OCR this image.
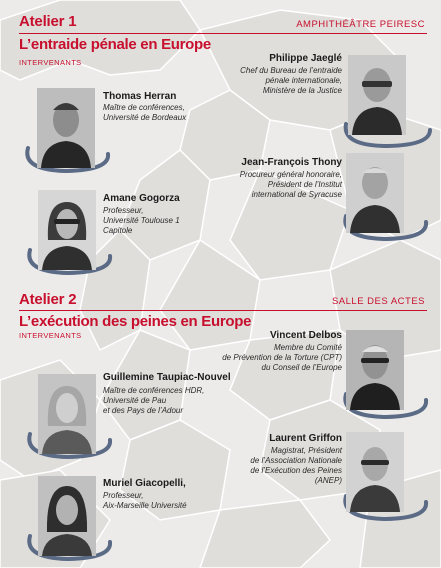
Atelier 1	AMPHITHÉÂTRE PEIRESC
L’entraide pénale en Europe
INTERVENANTS	Philippe Jaeglé
Chef du Bureau de l’entraide
pénale internationale,
Ministère de la Justice
Thomas Herran
Maître de conférences,
Université de Bordeaux
Jean-François Thony
Procureur général honoraire,
Président de l’Institut
international de Syracuse
Amane Gogorza
Professeur,
Université Toulouse 1
Capitole
Atelier 2	SALLE DES ACTES
L’exécution des peines en Europe
INTERVENANTS	Vincent Delbos
Membre du Comité
de Prévention de la Torture (CPT)
du Conseil de l’Europe
Guillemine Taupiac-Nouvel
Maître de conférences HDR,
Université de Pau
et des Pays de l’Adour
Laurent Griffon
Magistrat, Président
de l’Association Nationale
de l’Exécution des Peines
(ANEP)
Muriel Giacopelli,
Professeur,
Aix-Marseille Université
